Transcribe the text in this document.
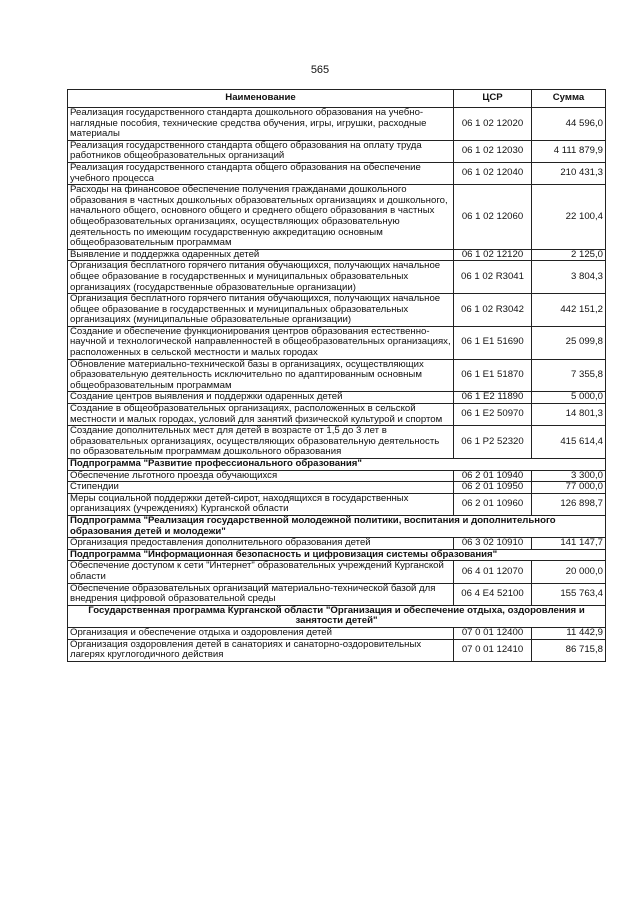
565
Наименование	ЦСР	Сумма
Реализация государственного стандарта дошкольного образования на учебно-наглядные пособия, технические средства обучения, игры, игрушки, расходные материалы	06 1 02 12020	44 596,0
Реализация государственного стандарта общего образования на оплату труда работников общеобразовательных организаций	06 1 02 12030	4 111 879,9
Реализация государственного стандарта общего образования на обеспечение учебного процесса	06 1 02 12040	210 431,3
Расходы на финансовое обеспечение получения гражданами дошкольного образования в частных дошкольных образовательных организациях и дошкольного, начального общего, основного общего и среднего общего образования в частных общеобразовательных организациях, осуществляющих образовательную деятельность по имеющим государственную аккредитацию основным общеобразовательным программам	06 1 02 12060	22 100,4
Выявление и поддержка одаренных детей	06 1 02 12120	2 125,0
Организация бесплатного горячего питания обучающихся, получающих начальное общее образование в государственных и муниципальных образовательных организациях (государственные образовательные организации)	06 1 02 R3041	3 804,3
Организация бесплатного горячего питания обучающихся, получающих начальное общее образование в государственных и муниципальных образовательных организациях (муниципальные образовательные организации)	06 1 02 R3042	442 151,2
Создание и обеспечение функционирования центров образования естественно-научной и технологической направленностей в общеобразовательных организациях, расположенных в сельской местности и малых городах	06 1 E1 51690	25 099,8
Обновление материально-технической базы в организациях, осуществляющих образовательную деятельность исключительно по адаптированным основным общеобразовательным программам	06 1 E1 51870	7 355,8
Создание центров выявления и поддержки одаренных детей	06 1 E2 11890	5 000,0
Создание в общеобразовательных организациях, расположенных в сельской местности и малых городах, условий для занятий физической культурой и спортом	06 1 E2 50970	14 801,3
Создание дополнительных мест для детей в возрасте от 1,5 до 3 лет в образовательных организациях, осуществляющих образовательную деятельность по образовательным программам дошкольного образования	06 1 P2 52320	415 614,4
Подпрограмма "Развитие профессионального образования"		
Обеспечение льготного проезда обучающихся	06 2 01 10940	3 300,0
Стипендии	06 2 01 10950	77 000,0
Меры социальной поддержки детей-сирот, находящихся в государственных организациях (учреждениях) Курганской области	06 2 01 10960	126 898,7
Подпрограмма "Реализация государственной молодежной политики, воспитания и дополнительного образования детей и молодежи"		
Организация предоставления дополнительного образования детей	06 3 02 10910	141 147,7
Подпрограмма "Информационная безопасность и цифровизация системы образования"		
Обеспечение доступом к сети "Интернет" образовательных учреждений Курганской области	06 4 01 12070	20 000,0
Обеспечение образовательных организаций материально-технической базой для внедрения цифровой образовательной среды	06 4 E4 52100	155 763,4
Государственная программа Курганской области "Организация и обеспечение отдыха, оздоровления и занятости детей"		
Организация и обеспечение отдыха и оздоровления детей	07 0 01 12400	11 442,9
Организация оздоровления детей в санаториях и санаторно-оздоровительных лагерях круглогодичного действия	07 0 01 12410	86 715,8
